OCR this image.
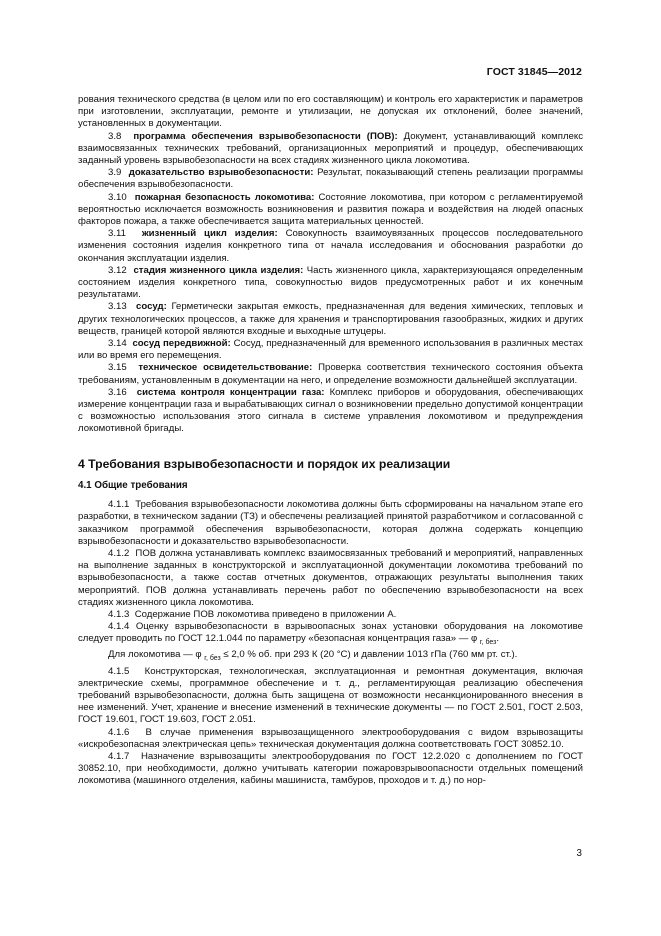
ГОСТ 31845—2012

рования технического средства (в целом или по его составляющим) и контроль его характеристик и параметров при изготовлении, эксплуатации, ремонте и утилизации, не допуская их отклонений, более значений, установленных в документации.

3.8 программа обеспечения взрывобезопасности (ПОВ): Документ, устанавливающий комплекс взаимосвязанных технических требований, организационных мероприятий и процедур, обеспечивающих заданный уровень взрывобезопасности на всех стадиях жизненного цикла локомотива.

3.9 доказательство взрывобезопасности: Результат, показывающий степень реализации программы обеспечения взрывобезопасности.

3.10 пожарная безопасность локомотива: Состояние локомотива, при котором с регламентируемой вероятностью исключается возможность возникновения и развития пожара и воздействия на людей опасных факторов пожара, а также обеспечивается защита материальных ценностей.

3.11 жизненный цикл изделия: Совокупность взаимоувязанных процессов последовательного изменения состояния изделия конкретного типа от начала исследования и обоснования разработки до окончания эксплуатации изделия.

3.12 стадия жизненного цикла изделия: Часть жизненного цикла, характеризующаяся определенным состоянием изделия конкретного типа, совокупностью видов предусмотренных работ и их конечным результатами.

3.13 сосуд: Герметически закрытая емкость, предназначенная для ведения химических, тепловых и других технологических процессов, а также для хранения и транспортирования газообразных, жидких и других веществ, границей которой являются входные и выходные штуцеры.

3.14 сосуд передвижной: Сосуд, предназначенный для временного использования в различных местах или во время его перемещения.

3.15 техническое освидетельствование: Проверка соответствия технического состояния объекта требованиям, установленным в документации на него, и определение возможности дальнейшей эксплуатации.

3.16 система контроля концентрации газа: Комплекс приборов и оборудования, обеспечивающих измерение концентрации газа и вырабатывающих сигнал о возникновении предельно допустимой концентрации с возможностью использования этого сигнала в системе управления локомотивом и предупреждения локомотивной бригады.

4 Требования взрывобезопасности и порядок их реализации
4.1 Общие требования

4.1.1 Требования взрывобезопасности локомотива должны быть сформированы на начальном этапе его разработки, в техническом задании (ТЗ) и обеспечены реализацией принятой разработчиком и согласованной с заказчиком программой обеспечения взрывобезопасности, которая должна содержать концепцию взрывобезопасности и доказательство взрывобезопасности.

4.1.2 ПОВ должна устанавливать комплекс взаимосвязанных требований и мероприятий, направленных на выполнение заданных в конструкторской и эксплуатационной документации локомотива требований по взрывобезопасности, а также состав отчетных документов, отражающих результаты выполнения таких мероприятий. ПОВ должна устанавливать перечень работ по обеспечению взрывобезопасности на всех стадиях жизненного цикла локомотива.

4.1.3 Содержание ПОВ локомотива приведено в приложении А.

4.1.4 Оценку взрывобезопасности в взрывоопасных зонах установки оборудования на локомотиве следует проводить по ГОСТ 12.1.044 по параметру «безопасная концентрация газа» — φ $_{г, без}$.

Для локомотива — φ $_{г, без}$ ≤ 2,0 % об. при 293 К (20 °С) и давлении 1013 гПа (760 мм рт. ст.).

4.1.5 Конструкторская, технологическая, эксплуатационная и ремонтная документация, включая электрические схемы, программное обеспечение и т. д., регламентирующая реализацию обеспечения требований взрывобезопасности, должна быть защищена от возможности несанкционированного внесения в нее изменений. Учет, хранение и внесение изменений в технические документы — по ГОСТ 2.501, ГОСТ 2.503, ГОСТ 19.601, ГОСТ 19.603, ГОСТ 2.051.

4.1.6 В случае применения взрывозащищенного электрооборудования с видом взрывозащиты «искробезопасная электрическая цепь» техническая документация должна соответствовать ГОСТ 30852.10.

4.1.7 Назначение взрывозащиты электрооборудования по ГОСТ 12.2.020 с дополнением по ГОСТ 30852.10, при необходимости, должно учитывать категории пожаровзрывоопасности отдельных помещений локомотива (машинного отделения, кабины машиниста, тамбуров, проходов и т. д.) по нор-

3
